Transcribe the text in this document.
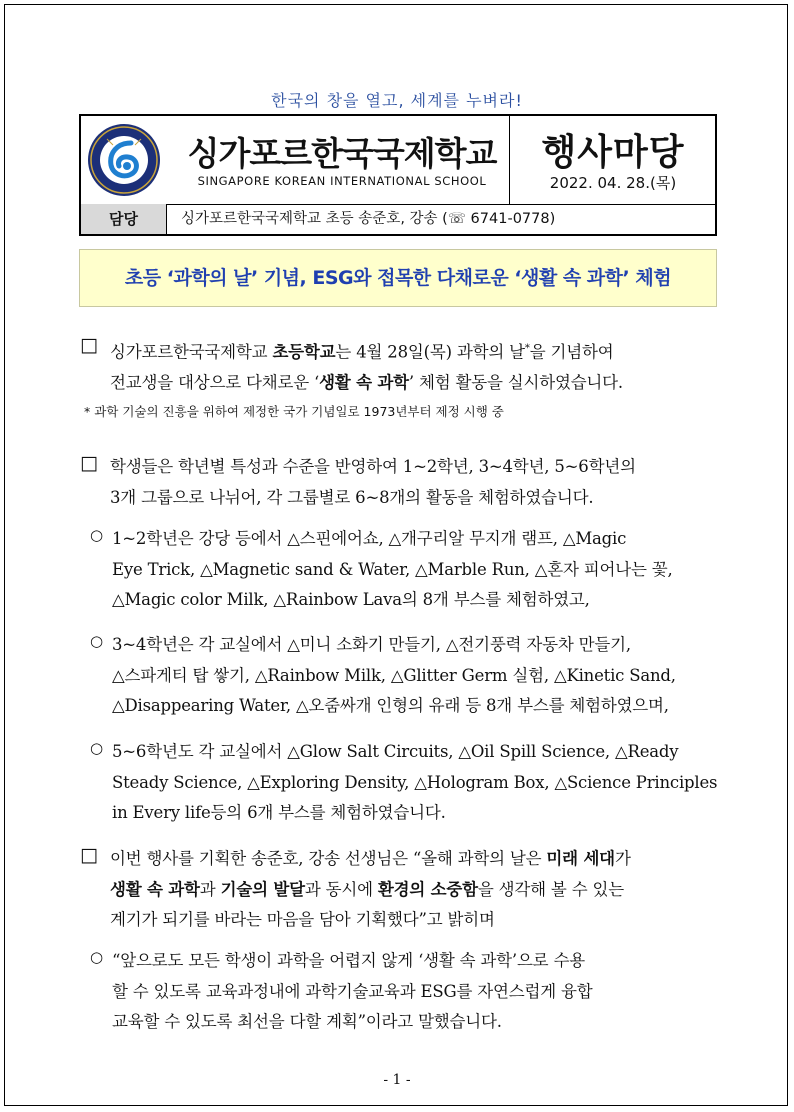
한국의 창을 열고, 세계를 누벼라!
싱가포르한국국제학교
SINGAPORE KOREAN INTERNATIONAL SCHOOL
행사마당
2022. 04. 28.(목)
담당	싱가포르한국국제학교 초등 송준호, 강송 (☏ 6741-0778)
초등 ‘과학의 날’ 기념, ESG와 접목한 다채로운 ‘생활 속 과학’ 체험
□ 싱가포르한국국제학교 초등학교는 4월 28일(목) 과학의 날*을 기념하여
전교생을 대상으로 다채로운 ‘생활 속 과학’ 체험 활동을 실시하였습니다.
* 과학 기술의 진흥을 위하여 제정한 국가 기념일로 1973년부터 제정 시행 중
□ 학생들은 학년별 특성과 수준을 반영하여 1~2학년, 3~4학년, 5~6학년의
3개 그룹으로 나뉘어, 각 그룹별로 6~8개의 활동을 체험하였습니다.
○ 1~2학년은 강당 등에서 △스핀에어쇼, △개구리알 무지개 램프, △Magic
Eye Trick, △Magnetic sand & Water, △Marble Run, △혼자 피어나는 꽃,
△Magic color Milk, △Rainbow Lava의 8개 부스를 체험하였고,
○ 3~4학년은 각 교실에서 △미니 소화기 만들기, △전기풍력 자동차 만들기,
△스파게티 탑 쌓기, △Rainbow Milk, △Glitter Germ 실험, △Kinetic Sand,
△Disappearing Water, △오줌싸개 인형의 유래 등 8개 부스를 체험하였으며,
○ 5~6학년도 각 교실에서 △Glow Salt Circuits, △Oil Spill Science, △Ready
Steady Science, △Exploring Density, △Hologram Box, △Science Principles
in Every life등의 6개 부스를 체험하였습니다.
□ 이번 행사를 기획한 송준호, 강송 선생님은 “올해 과학의 날은 미래 세대가
생활 속 과학과 기술의 발달과 동시에 환경의 소중함을 생각해 볼 수 있는
계기가 되기를 바라는 마음을 담아 기획했다”고 밝히며
○ “앞으로도 모든 학생이 과학을 어렵지 않게 ‘생활 속 과학’으로 수용
할 수 있도록 교육과정내에 과학기술교육과 ESG를 자연스럽게 융합
교육할 수 있도록 최선을 다할 계획”이라고 말했습니다.
- 1 -
